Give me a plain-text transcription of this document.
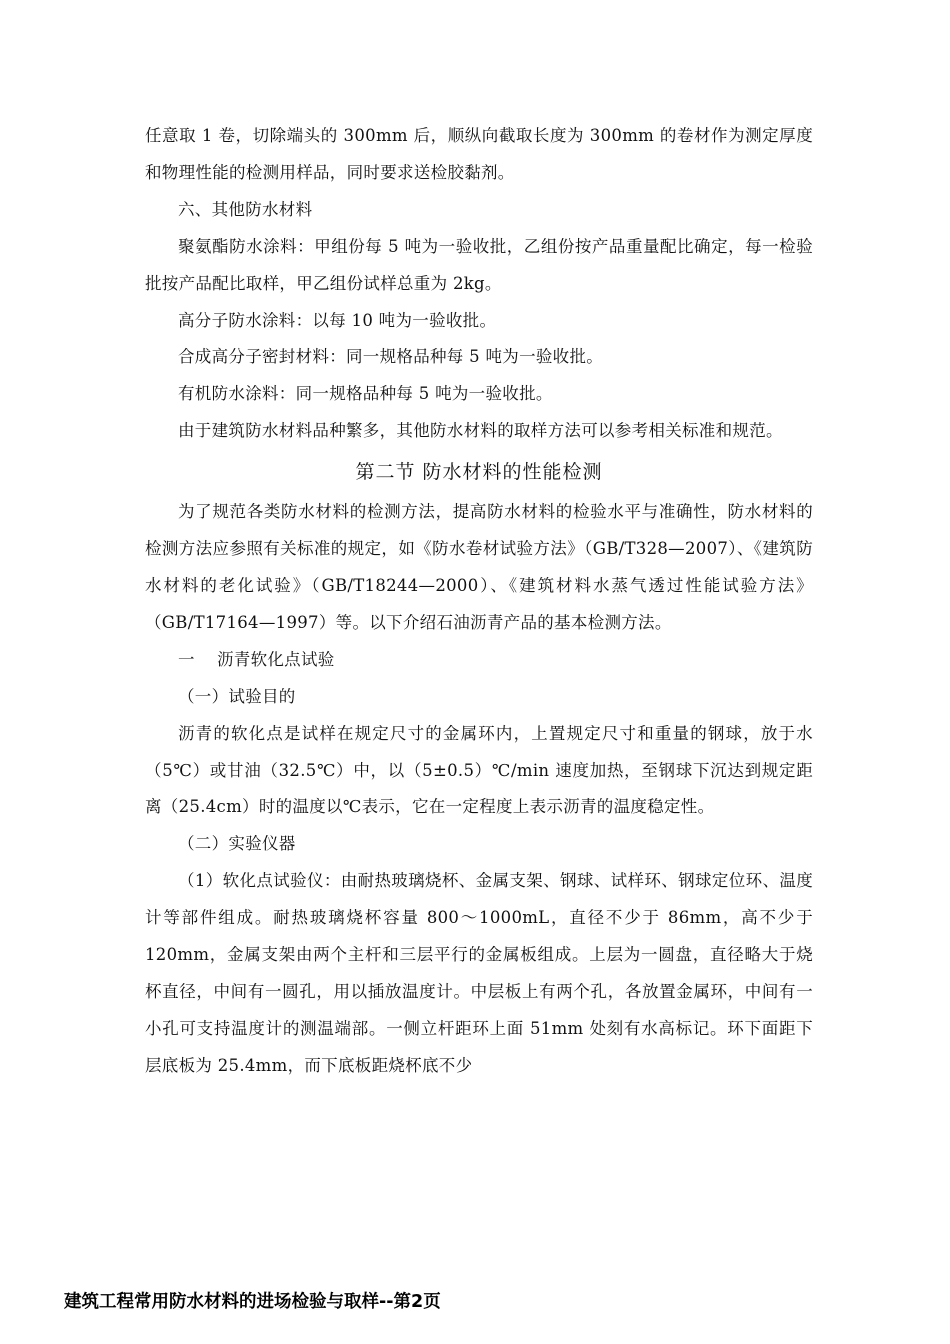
任意取 1 卷，切除端头的 300mm 后，顺纵向截取长度为 300mm 的卷材作为测定厚度和物理性能的检测用样品，同时要求送检胶黏剂。

六、其他防水材料

聚氨酯防水涂料：甲组份每 5 吨为一验收批，乙组份按产品重量配比确定，每一检验批按产品配比取样，甲乙组份试样总重为 2kg。

高分子防水涂料：以每 10 吨为一验收批。

合成高分子密封材料：同一规格品种每 5 吨为一验收批。

有机防水涂料：同一规格品种每 5 吨为一验收批。

由于建筑防水材料品种繁多，其他防水材料的取样方法可以参考相关标准和规范。

第二节 防水材料的性能检测

为了规范各类防水材料的检测方法，提高防水材料的检验水平与准确性，防水材料的检测方法应参照有关标准的规定，如《防水卷材试验方法》（GB/T328—2007）、《建筑防水材料的老化试验》（GB/T18244—2000）、《建筑材料水蒸气透过性能试验方法》（GB/T17164—1997）等。以下介绍石油沥青产品的基本检测方法。

一    沥青软化点试验

（一）试验目的

沥青的软化点是试样在规定尺寸的金属环内，上置规定尺寸和重量的钢球，放于水（5℃）或甘油（32.5℃）中，以（5±0.5）℃/min 速度加热，至钢球下沉达到规定距离（25.4cm）时的温度以℃表示，它在一定程度上表示沥青的温度稳定性。

（二）实验仪器

（1）软化点试验仪：由耐热玻璃烧杯、金属支架、钢球、试样环、钢球定位环、温度计等部件组成。耐热玻璃烧杯容量 800～1000mL，直径不少于 86mm，高不少于 120mm，金属支架由两个主杆和三层平行的金属板组成。上层为一圆盘，直径略大于烧杯直径，中间有一圆孔，用以插放温度计。中层板上有两个孔，各放置金属环，中间有一小孔可支持温度计的测温端部。一侧立杆距环上面 51mm 处刻有水高标记。环下面距下层底板为 25.4mm，而下底板距烧杯底不少

建筑工程常用防水材料的进场检验与取样--第2页
